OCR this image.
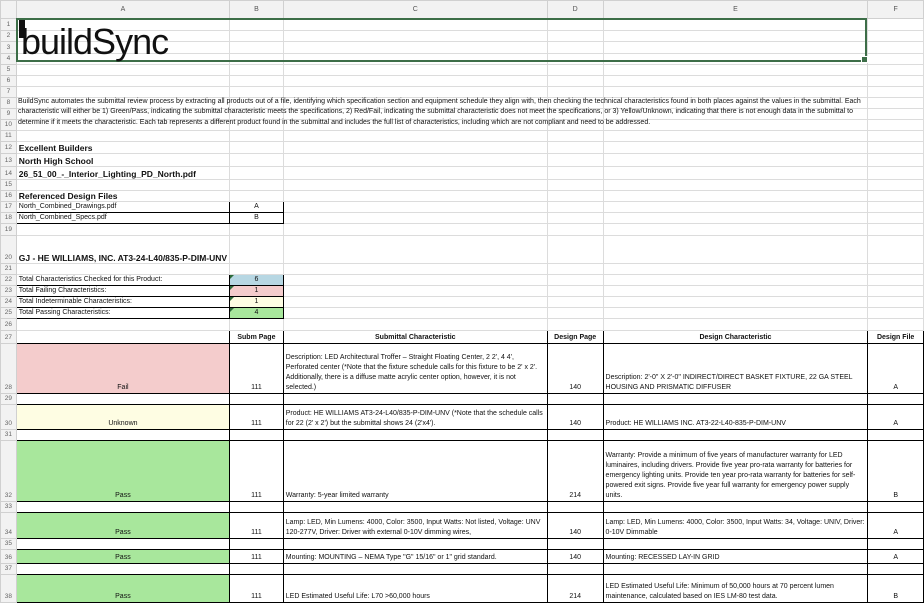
	A	B	C	D	E	F
1						
2						
3						
4						
5						
6						
7						
8						
9						
10						
11						
12	Excellent Builders					
13	North High School					
14	26_51_00_-_Interior_Lighting_PD_North.pdf					
15						
16	Referenced Design Files					
17	North_Combined_Drawings.pdf	A				
18	North_Combined_Specs.pdf	B				
19						
20	GJ - HE WILLIAMS, INC. AT3-24-L40/835-P-DIM-UNV					
21						
22	Total Characteristics Checked for this Product:	6				
23	Total Failing Characteristics:	1				
24	Total Indeterminable Characteristics:	1				
25	Total Passing Characteristics:	4				
26						
27		Subm Page	Submittal Characteristic	Design Page	Design Characteristic	Design File
28	Fail	111	Description: LED Architectural Troffer – Straight Floating Center, 2 2', 4 4', Perforated center (*Note that the fixture schedule calls for this fixture to be 2' x 2'. Additionally, there is a diffuse matte acrylic center option, however, it is not selected.)	140	Description: 2'-0" X 2'-0" INDIRECT/DIRECT BASKET FIXTURE, 22 GA STEEL HOUSING AND PRISMATIC DIFFUSER	A
29						
30	Unknown	111	Product: HE WILLIAMS AT3-24-L40/835-P-DIM-UNV (*Note that the schedule calls for 22 (2' x 2') but the submittal shows 24 (2'x4').	140	Product: HE WILLIAMS INC. AT3-22-L40-835-P-DIM-UNV	A
31						
32	Pass	111	Warranty: 5-year limited warranty	214	Warranty: Provide a minimum of five years of manufacturer warranty for LED luminaires, including drivers. Provide five year pro-rata warranty for batteries for emergency lighting units. Provide ten year pro-rata warranty for batteries for self-powered exit signs. Provide five year full warranty for emergency power supply units.	B
33						
34	Pass	111	Lamp: LED, Min Lumens: 4000, Color: 3500, Input Watts: Not listed, Voltage: UNV 120-277V, Driver: Driver with external 0-10V dimming wires,	140	Lamp: LED, Min Lumens: 4000, Color: 3500, Input Watts: 34, Voltage: UNIV, Driver: 0-10V Dimmable	A
35						
36	Pass	111	Mounting: MOUNTING – NEMA Type "G" 15/16" or 1" grid standard.	140	Mounting: RECESSED LAY-IN GRID	A
37						
38	Pass	111	LED Estimated Useful Life: L70 >60,000 hours	214	LED Estimated Useful Life: Minimum of 50,000 hours at 70 percent lumen maintenance, calculated based on IES LM-80 test data.	B
buildSync
BuildSync automates the submittal review process by extracting all products out of a file, identifying which specification section and equipment schedule they align with, then checking the technical characteristics found in both places against the values in the submittal. Each characteristic will either be 1) Green/Pass, indicating the submittal characteristic meets the specifications, 2) Red/Fail, indicating the submittal characteristic does not meet the specifications, or 3) Yellow/Unknown, indicating that there is not enough data in the submittal to determine if it meets the characteristic. Each tab represents a different product found in the submittal and includes the full list of characteristics, including which are not compliant and need to be addressed.
